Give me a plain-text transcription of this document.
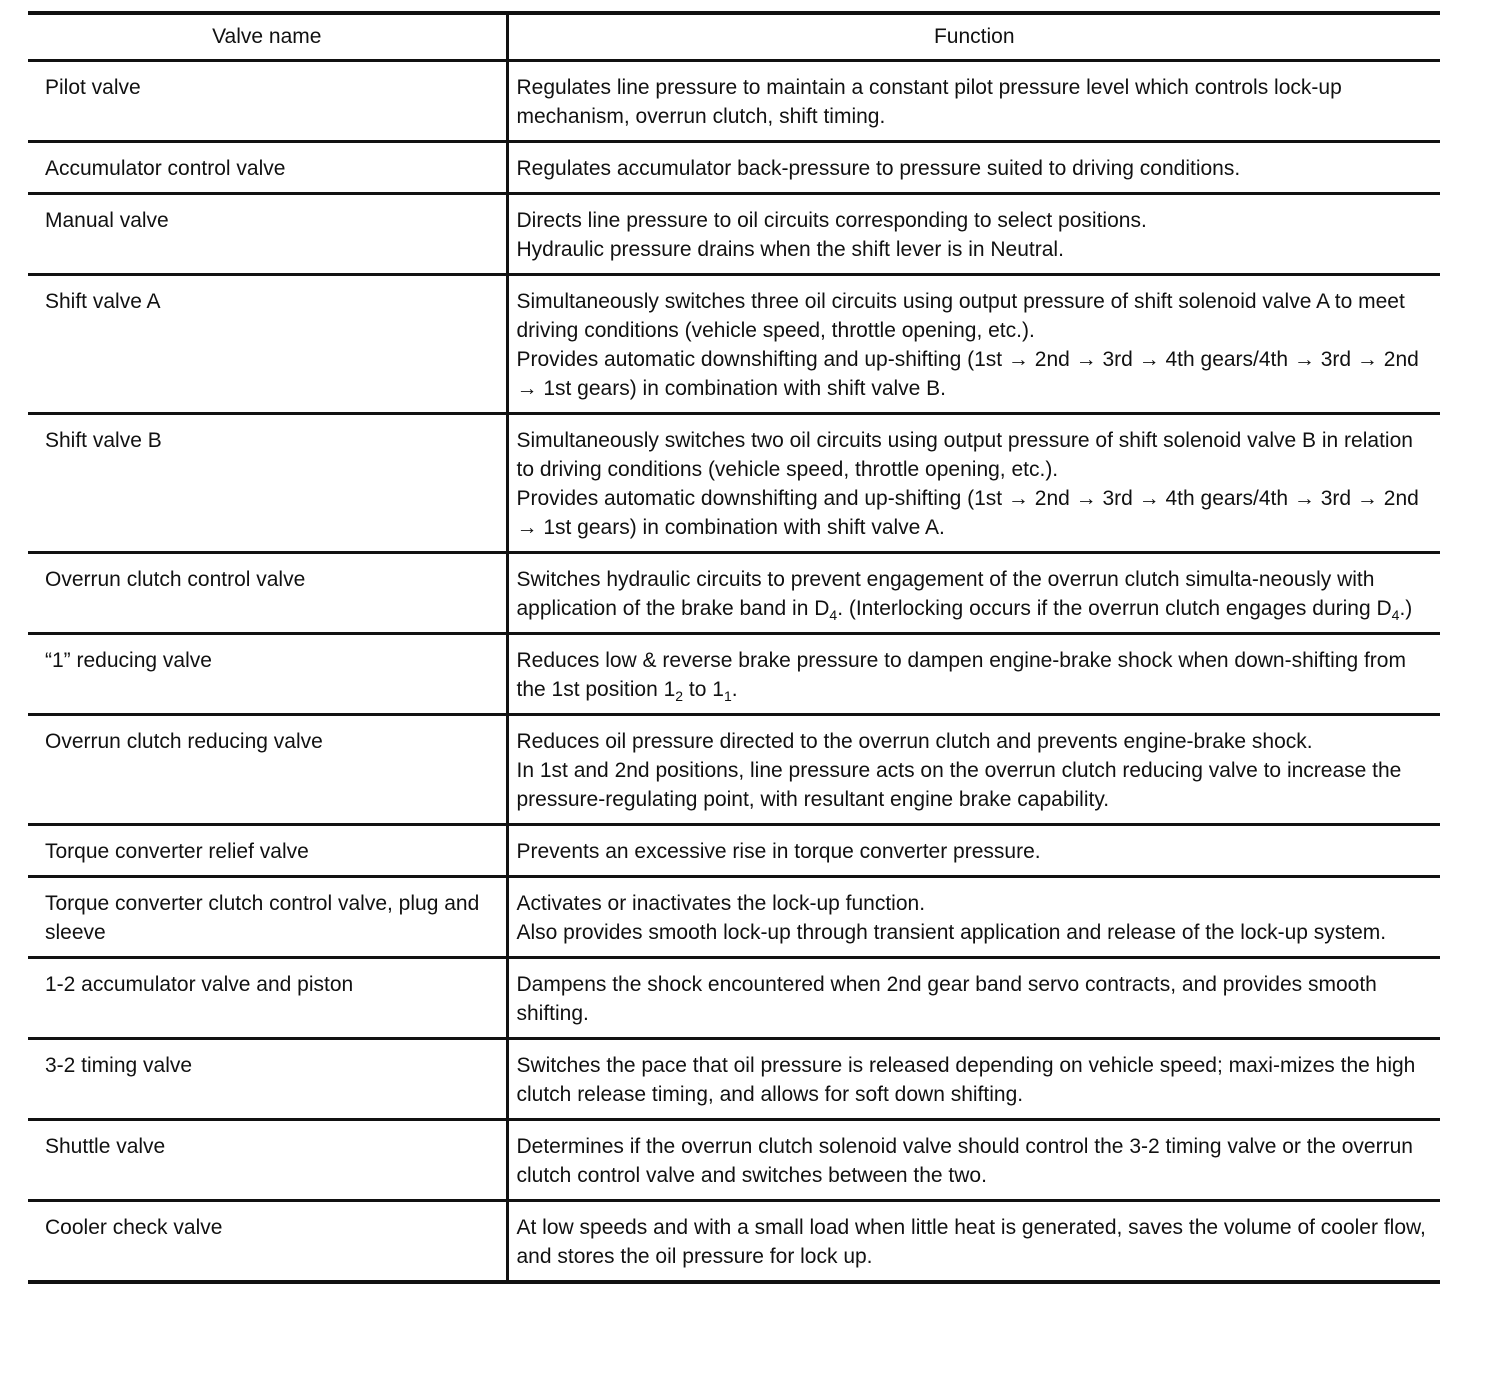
Valve name	Function
Pilot valve	Regulates line pressure to maintain a constant pilot pressure level which controls lock-up mechanism, overrun clutch, shift timing.

Accumulator control valve	Regulates accumulator back-pressure to pressure suited to driving conditions.

Manual valve	Directs line pressure to oil circuits corresponding to select positions.
Hydraulic pressure drains when the shift lever is in Neutral.

Shift valve A	Simultaneously switches three oil circuits using output pressure of shift solenoid valve A to meet driving conditions (vehicle speed, throttle opening, etc.).
Provides automatic downshifting and up-shifting (1st → 2nd → 3rd → 4th gears/4th → 3rd → 2nd → 1st gears) in combination with shift valve B.

Shift valve B	Simultaneously switches two oil circuits using output pressure of shift solenoid valve B in relation to driving conditions (vehicle speed, throttle opening, etc.).
Provides automatic downshifting and up-shifting (1st → 2nd → 3rd → 4th gears/4th → 3rd → 2nd → 1st gears) in combination with shift valve A.

Overrun clutch control valve	Switches hydraulic circuits to prevent engagement of the overrun clutch simulta-neously with application of the brake band in $D_4$. (Interlocking occurs if the overrun clutch engages during $D_4$.)

“1” reducing valve	Reduces low & reverse brake pressure to dampen engine-brake shock when down-shifting from the 1st position $1_2$ to $1_1$.

Overrun clutch reducing valve	Reduces oil pressure directed to the overrun clutch and prevents engine-brake shock.
In 1st and 2nd positions, line pressure acts on the overrun clutch reducing valve to increase the pressure-regulating point, with resultant engine brake capability.

Torque converter relief valve	Prevents an excessive rise in torque converter pressure.

Torque converter clutch control valve, plug and sleeve	Activates or inactivates the lock-up function.
Also provides smooth lock-up through transient application and release of the lock-up system.

1-2 accumulator valve and piston	Dampens the shock encountered when 2nd gear band servo contracts, and provides smooth shifting.

3-2 timing valve	Switches the pace that oil pressure is released depending on vehicle speed; maxi-mizes the high clutch release timing, and allows for soft down shifting.

Shuttle valve	Determines if the overrun clutch solenoid valve should control the 3-2 timing valve or the overrun clutch control valve and switches between the two.

Cooler check valve	At low speeds and with a small load when little heat is generated, saves the volume of cooler flow, and stores the oil pressure for lock up.
